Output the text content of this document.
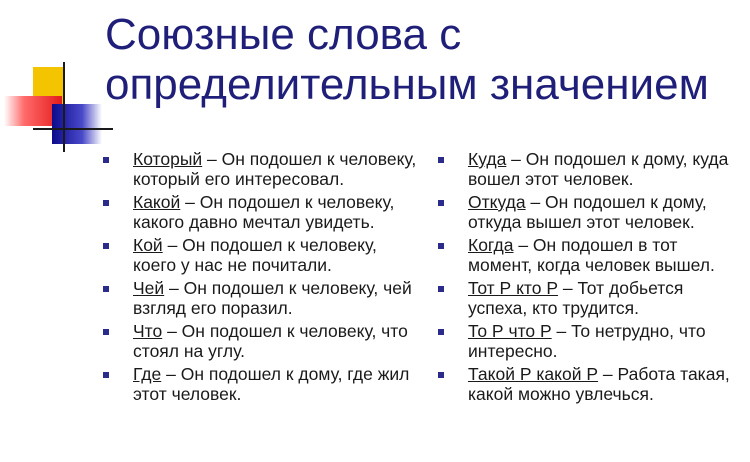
Союзные слова с
определительным значением
Который – Он подошел к человеку, который его интересовал.
Какой – Он подошел к человеку, какого давно мечтал увидеть.
Кой – Он подошел к человеку, коего у нас не почитали.
Чей – Он подошел к человеку, чей взгляд его поразил.
Что – Он подошел к человеку, что стоял на углу.
Где – Он подошел к дому, где жил этот человек.
Куда – Он подошел к дому, куда вошел этот человек.
Откуда – Он подошел к дому, откуда вышел этот человек.
Когда – Он подошел в тот момент, когда человек вышел.
Тот Р кто Р – Тот добьется успеха, кто трудится.
То Р что Р – То нетрудно, что интересно.
Такой Р какой Р – Работа такая, какой можно увлечься.
